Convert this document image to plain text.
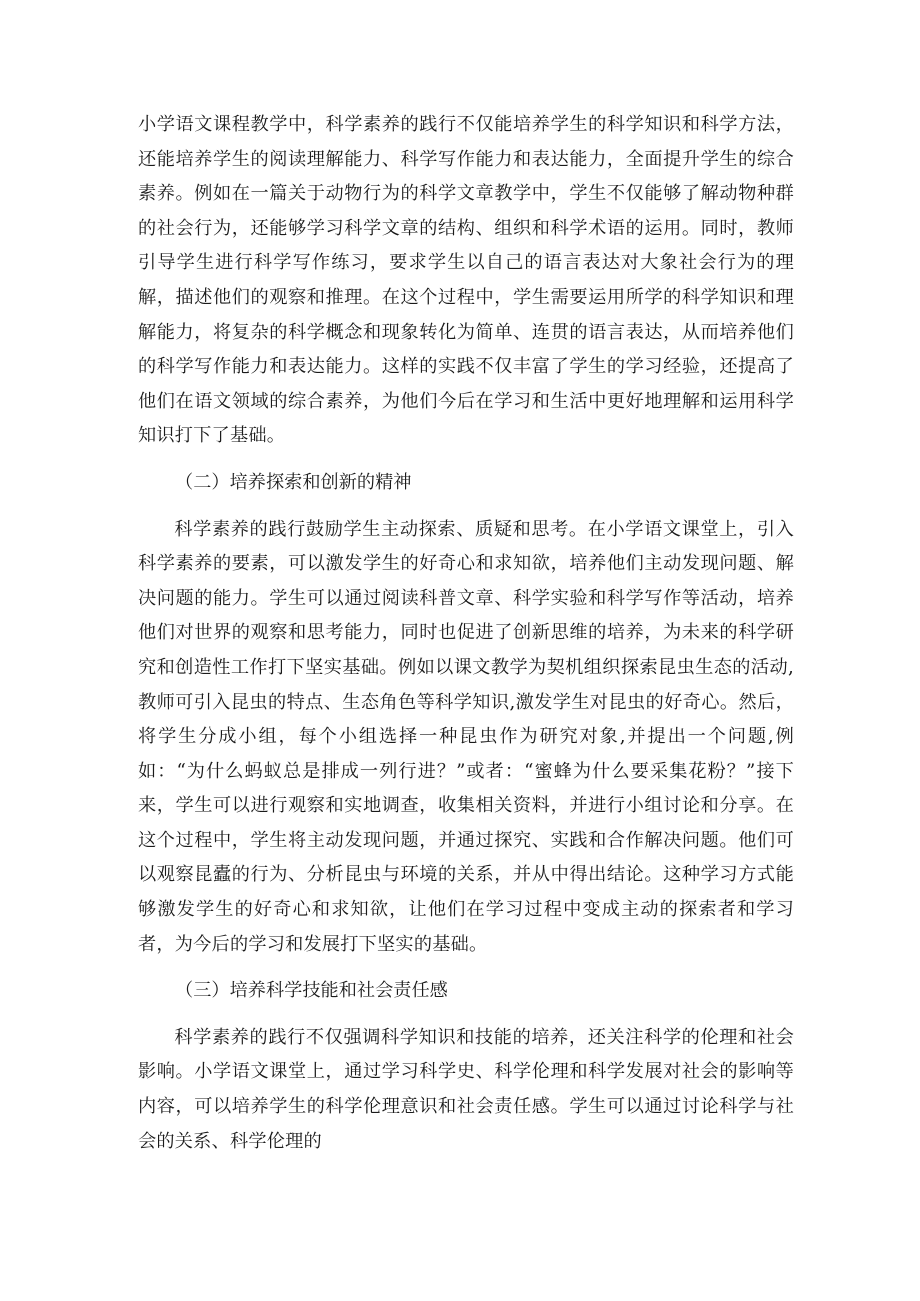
小学语文课程教学中，科学素养的践行不仅能培养学生的科学知识和科学方法，还能培养学生的阅读理解能力、科学写作能力和表达能力，全面提升学生的综合素养。例如在一篇关于动物行为的科学文章教学中，学生不仅能够了解动物种群的社会行为，还能够学习科学文章的结构、组织和科学术语的运用。同时，教师引导学生进行科学写作练习，要求学生以自己的语言表达对大象社会行为的理解，描述他们的观察和推理。在这个过程中，学生需要运用所学的科学知识和理解能力，将复杂的科学概念和现象转化为简单、连贯的语言表达，从而培养他们的科学写作能力和表达能力。这样的实践不仅丰富了学生的学习经验，还提高了他们在语文领域的综合素养，为他们今后在学习和生活中更好地理解和运用科学知识打下了基础。

（二）培养探索和创新的精神

科学素养的践行鼓励学生主动探索、质疑和思考。在小学语文课堂上，引入科学素养的要素，可以激发学生的好奇心和求知欲，培养他们主动发现问题、解决问题的能力。学生可以通过阅读科普文章、科学实验和科学写作等活动，培养他们对世界的观察和思考能力，同时也促进了创新思维的培养，为未来的科学研究和创造性工作打下坚实基础。例如以课文教学为契机组织探索昆虫生态的活动,教师可引入昆虫的特点、生态角色等科学知识,激发学生对昆虫的好奇心。然后，将学生分成小组，每个小组选择一种昆虫作为研究对象,并提出一个问题,例如：“为什么蚂蚁总是排成一列行进？”或者：“蜜蜂为什么要采集花粉？”接下来，学生可以进行观察和实地调查，收集相关资料，并进行小组讨论和分享。在这个过程中，学生将主动发现问题，并通过探究、实践和合作解决问题。他们可以观察昆蠹的行为、分析昆虫与环境的关系，并从中得出结论。这种学习方式能够激发学生的好奇心和求知欲，让他们在学习过程中变成主动的探索者和学习者，为今后的学习和发展打下坚实的基础。

（三）培养科学技能和社会责任感

科学素养的践行不仅强调科学知识和技能的培养，还关注科学的伦理和社会影响。小学语文课堂上，通过学习科学史、科学伦理和科学发展对社会的影响等内容，可以培养学生的科学伦理意识和社会责任感。学生可以通过讨论科学与社会的关系、科学伦理的
